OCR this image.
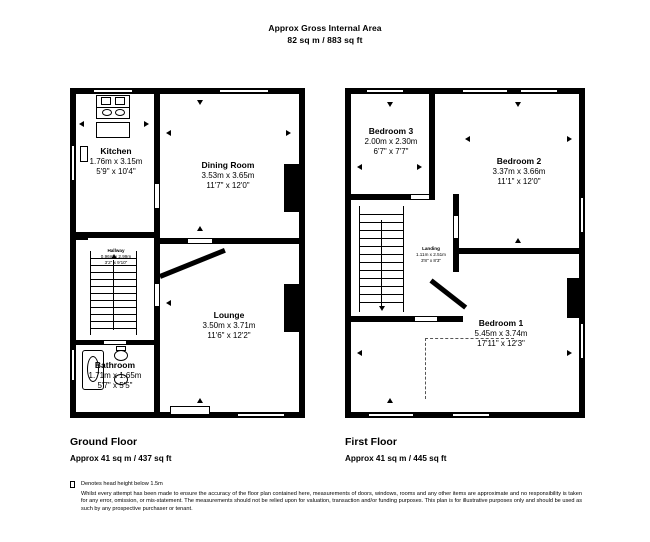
Approx Gross Internal Area
82 sq m / 883 sq ft
Kitchen
1.76m x 3.15m
5'9" x 10'4"
Dining Room
3.53m x 3.65m
11'7" x 12'0"
Lounge
3.50m x 3.71m
11'6" x 12'2"
Bathroom
1.71m x 1.65m
5'7" x 5'5"
Hallway
0.96m x 2.99m
3'2" x 9'10"
Bedroom 3
2.00m x 2.30m
6'7" x 7'7"
Bedroom 2
3.37m x 3.66m
11'1" x 12'0"
Bedroom 1
5.45m x 3.74m
17'11" x 12'3"
Landing
1.11m x 2.51m
3'8" x 8'3"
Ground Floor
Approx 41 sq m / 437 sq ft
First Floor
Approx 41 sq m / 445 sq ft
Denotes head height below 1.5m
Whilst every attempt has been made to ensure the accuracy of the floor plan contained here, measurements of doors, windows, rooms and any other items are approximate and no responsibility is taken for any error, omission, or mis-statement. The measurements should not be relied upon for valuation, transaction and/or funding purposes. This plan is for illustrative purposes only and should be used as such by any prospective purchaser or tenant.
